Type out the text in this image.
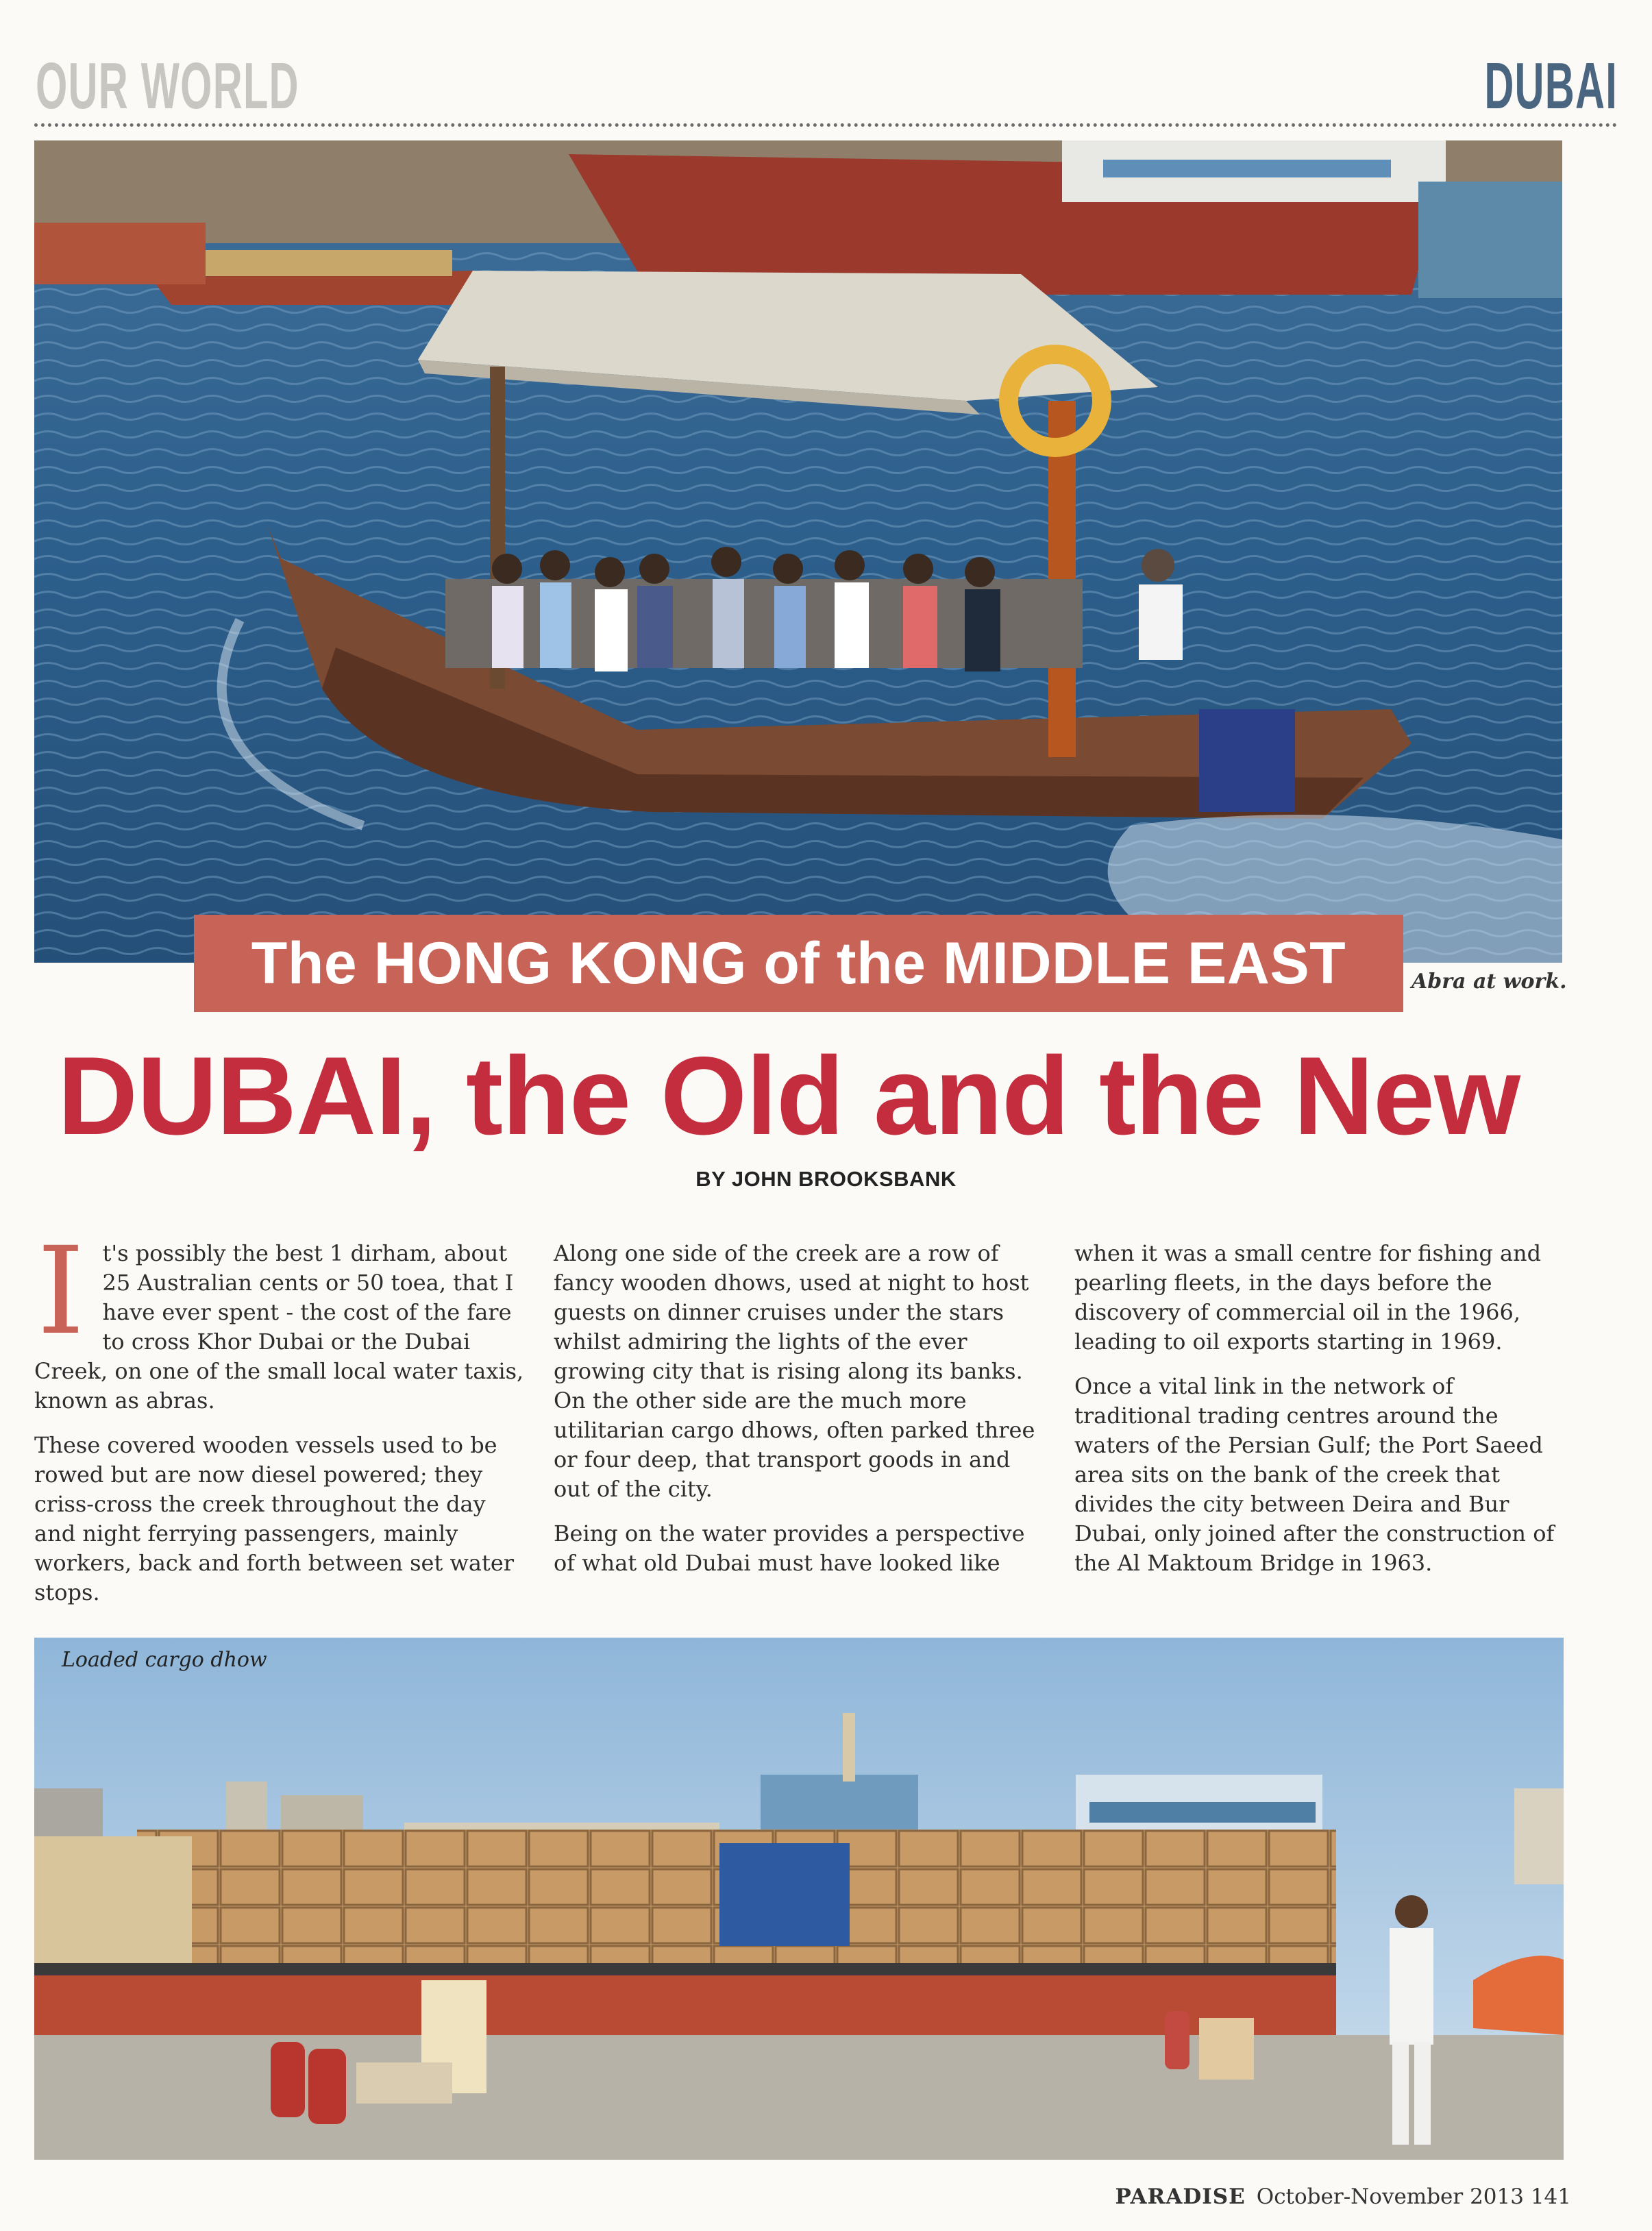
OUR WORLD	DUBAI
The HONG KONG of the MIDDLE EAST	Abra at work.
DUBAI, the Old and the New
BY JOHN BROOKSBANK

It's possibly the best 1 dirham, about 25 Australian cents or 50 toea, that I have ever spent - the cost of the fare to cross Khor Dubai or the Dubai Creek, on one of the small local water taxis, known as abras.

These covered wooden vessels used to be rowed but are now diesel powered; they criss-cross the creek throughout the day and night ferrying passengers, mainly workers, back and forth between set water stops.

Along one side of the creek are a row of fancy wooden dhows, used at night to host guests on dinner cruises under the stars whilst admiring the lights of the ever growing city that is rising along its banks. On the other side are the much more utilitarian cargo dhows, often parked three or four deep, that transport goods in and out of the city.

Being on the water provides a perspective of what old Dubai must have looked like

when it was a small centre for fishing and pearling fleets, in the days before the discovery of commercial oil in the 1966, leading to oil exports starting in 1969.

Once a vital link in the network of traditional trading centres around the waters of the Persian Gulf; the Port Saeed area sits on the bank of the creek that divides the city between Deira and Bur Dubai, only joined after the construction of the Al Maktoum Bridge in 1963.

Loaded cargo dhow
PARADISE October-November 2013 141
